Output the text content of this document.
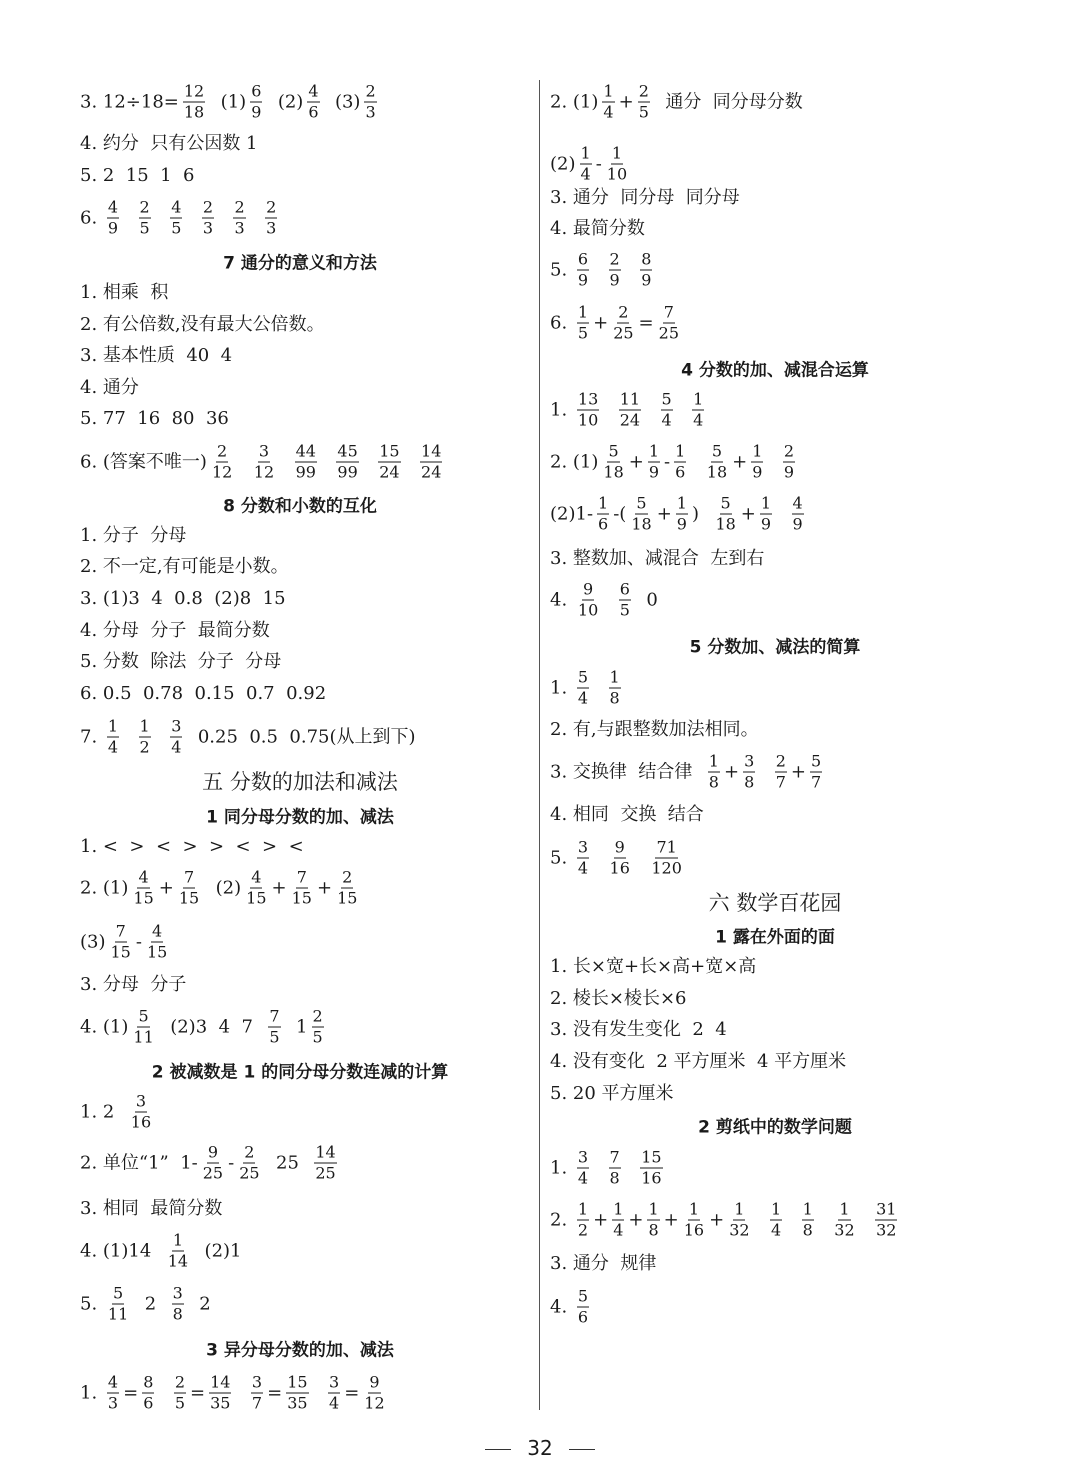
3. $12\div 18= \frac{12}{18} (1) \frac{6}{9} (2) \frac{4}{6} (3) \frac{2}{3}$
4. 约分  只有公因数 1
5. 2  15  1  6
6. $\frac{4}{9}$
$\frac{2}{5}$
$\frac{4}{5}$
$\frac{2}{3}$
$\frac{2}{3}$
$\frac{2}{3}$
7 通分的意义和方法
1. 相乘  积
2. 有公倍数,没有最大公倍数。
3. 基本性质  40  4
4. 通分
5. 77  16  80  36
6. (答案不唯一) $\frac{2}{12}$
$\frac{3}{12}$
$\frac{44}{99}$
$\frac{45}{99}$
$\frac{15}{24}$
$\frac{14}{24}$
8 分数和小数的互化
1. 分子  分母
2. 不一定,有可能是小数。
3. (1)3  4  0.8  (2)8  15
4. 分母  分子  最简分数
5. 分数  除法  分子  分母
6. 0.5  0.78  0.15  0.7  0.92
7. $\frac{1}{4}$
$\frac{1}{2}$
$\frac{3}{4} 0.25$  0.5  0.75(从上到下)
五 分数的加法和减法
1 同分母分数的加、减法
1. <  >  <  >  >  <  >  <
2. $(1) \frac{4}{15} + \frac{7}{15} (2) \frac{4}{15} + \frac{7}{15} + \frac{2}{15}$
$(3) \frac{7}{15} - \frac{4}{15}$
3. 分母  分子
4. $(1) \frac{5}{11} (2)3$  4  $7 \frac{7}{5}$
$1 \frac{2}{5}$
2 被减数是 1 的同分母分数连减的计算
1. $2 \frac{3}{16}$
2. 单位“1”  $1- \frac{9}{25} - \frac{2}{25} 25 \frac{14}{25}$
3. 相同  最简分数
4. $(1)14 \frac{1}{14} (2)1$
5. $\frac{5}{11} 2 \frac{3}{8} 2$
3 异分母分数的加、减法
1. $\frac{4}{3} = \frac{8}{6}$
$\frac{2}{5} = \frac{14}{35}$
$\frac{3}{7} = \frac{15}{35}$
$\frac{3}{4} = \frac{9}{12}$
2. $(1) \frac{1}{4} + \frac{2}{5}$ 通分  同分母分数
$(2) \frac{1}{4} - \frac{1}{10}$
3. 通分  同分母  同分母
4. 最简分数
5. $\frac{6}{9}$
$\frac{2}{9}$
$\frac{8}{9}$
6. $\frac{1}{5} + \frac{2}{25} = \frac{7}{25}$
4 分数的加、减混合运算
1. $\frac{13}{10}$
$\frac{11}{24}$
$\frac{5}{4}$
$\frac{1}{4}$
2. $(1) \frac{5}{18} + \frac{1}{9} - \frac{1}{6}$
$\frac{5}{18} + \frac{1}{9}$
$\frac{2}{9}$
$(2)1- \frac{1}{6}$ -( $\frac{5}{18} + \frac{1}{9}$ ) $\frac{5}{18} + \frac{1}{9}$
$\frac{4}{9}$
3. 整数加、减混合  左到右
4. $\frac{9}{10}$
$\frac{6}{5} 0$
5 分数加、减法的简算
1. $\frac{5}{4}$
$\frac{1}{8}$
2. 有,与跟整数加法相同。
3. 交换律  结合律 $\frac{1}{8} + \frac{3}{8}$
$\frac{2}{7} + \frac{5}{7}$
4. 相同  交换  结合
5. $\frac{3}{4}$
$\frac{9}{16}$
$\frac{71}{120}$
六 数学百花园
1 露在外面的面
1. 长×宽+长×高+宽×高
2. 棱长×棱长×6
3. 没有发生变化  2  4
4. 没有变化  2 平方厘米  4 平方厘米
5. 20 平方厘米
2 剪纸中的数学问题
1. $\frac{3}{4}$
$\frac{7}{8}$
$\frac{15}{16}$
2. $\frac{1}{2} + \frac{1}{4} + \frac{1}{8} + \frac{1}{16} + \frac{1}{32}$
$\frac{1}{4}$
$\frac{1}{8}$
$\frac{1}{32}$
$\frac{31}{32}$
3. 通分  规律
4. $\frac{5}{6}$
32
